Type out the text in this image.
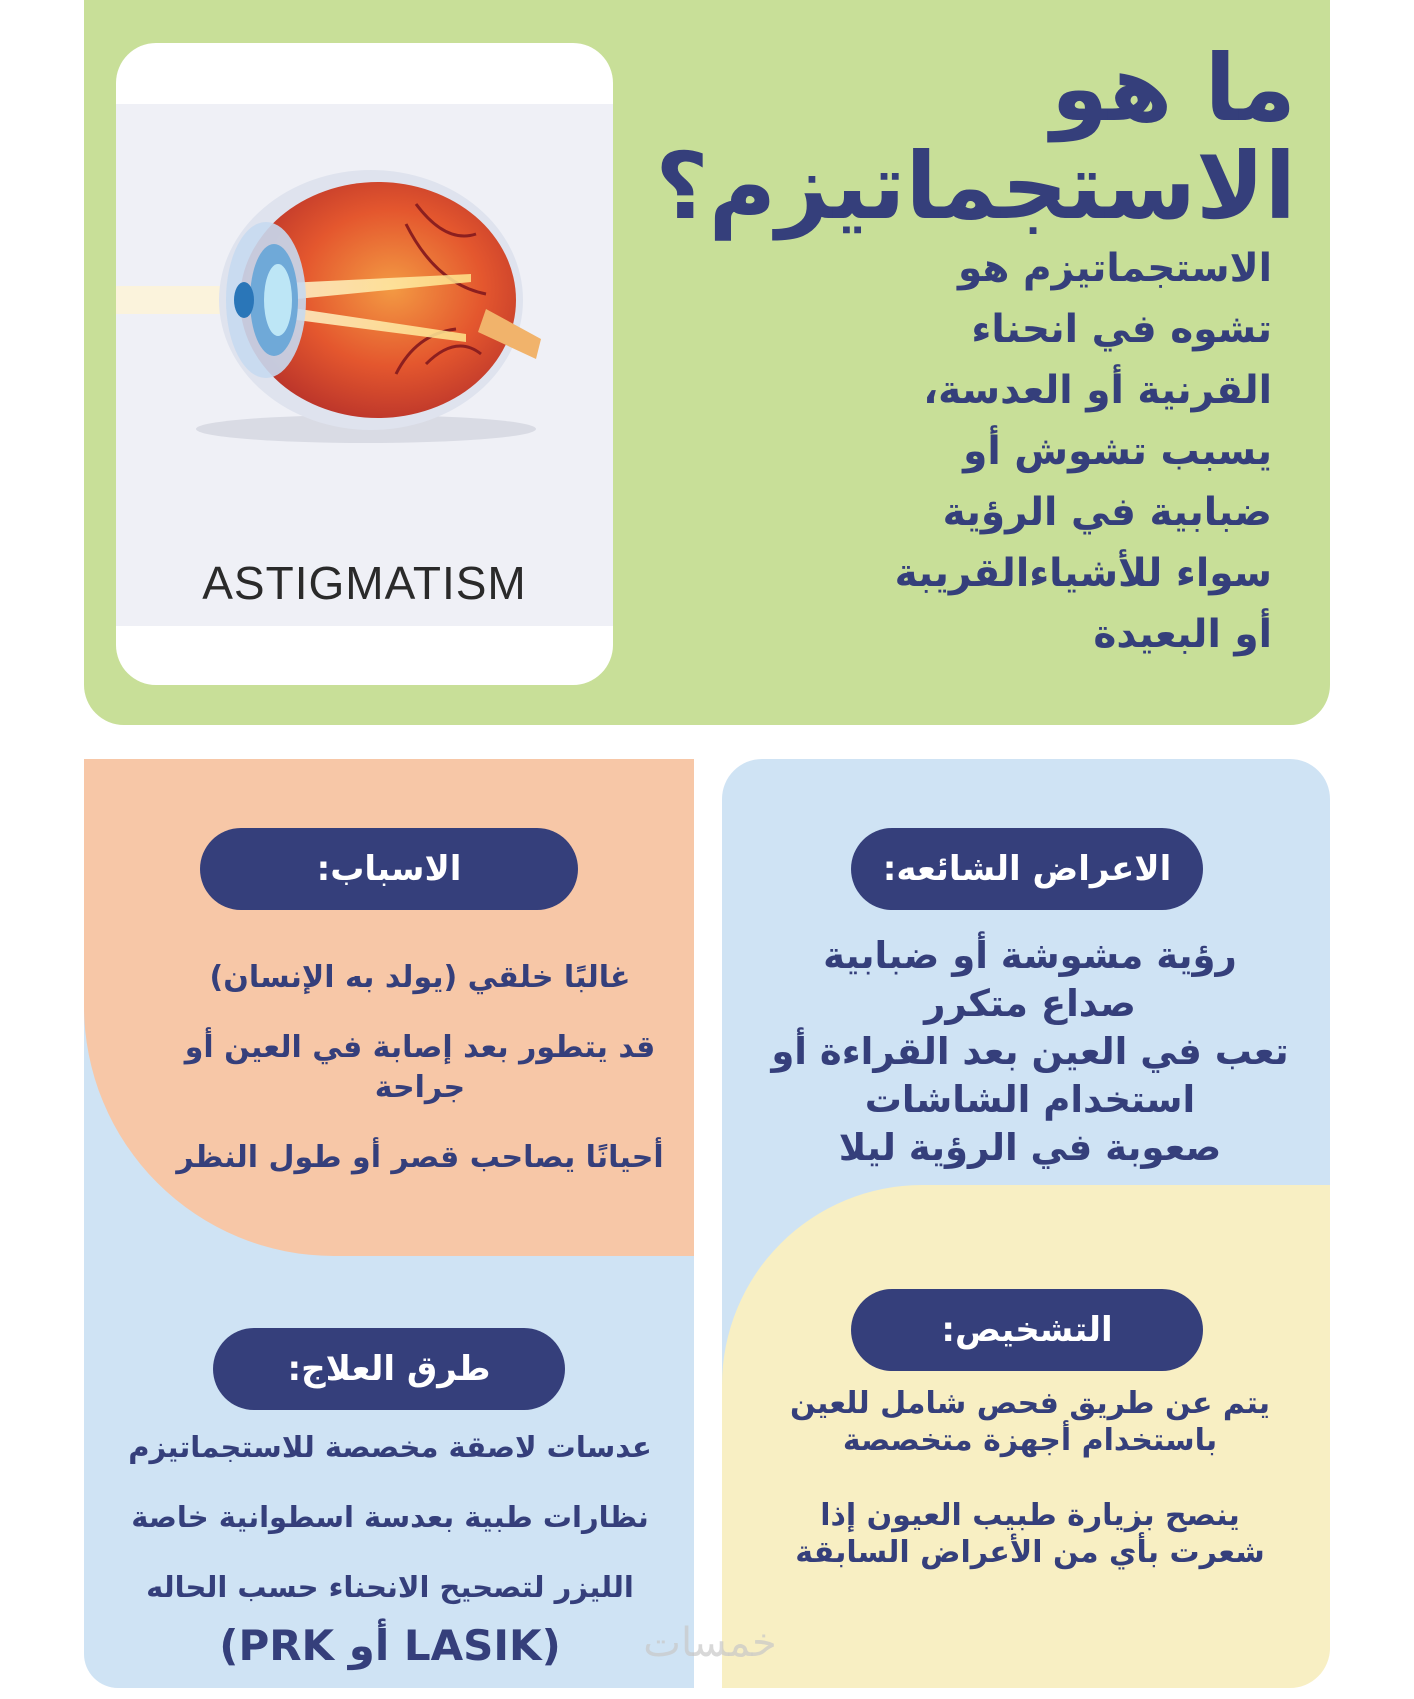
ASTIGMATISM
ما هو
الاستجماتيزم؟
الاستجماتيزم هو
تشوه في انحناء
القرنية أو العدسة،
يسبب تشوش أو
ضبابية في الرؤية
سواء للأشياءالقريبة
أو البعيدة
الاسباب:
غالبًا خلقي (يولد به الإنسان)
قد يتطور بعد إصابة في العين أو
جراحة
أحيانًا يصاحب قصر أو طول النظر
الاعراض الشائعه:
رؤية مشوشة أو ضبابية
صداع متكرر
تعب في العين بعد القراءة أو
استخدام الشاشات
صعوبة في الرؤية ليلا
طرق العلاج:
عدسات لاصقة مخصصة للاستجماتيزم
نظارات طبية بعدسة اسطوانية خاصة
الليزر لتصحيح الانحناء حسب الحاله
(LASIK أو PRK)
التشخيص:
يتم عن طريق فحص شامل للعين
باستخدام أجهزة متخصصة
ينصح بزيارة طبيب العيون إذا
شعرت بأي من الأعراض السابقة
خمسات
